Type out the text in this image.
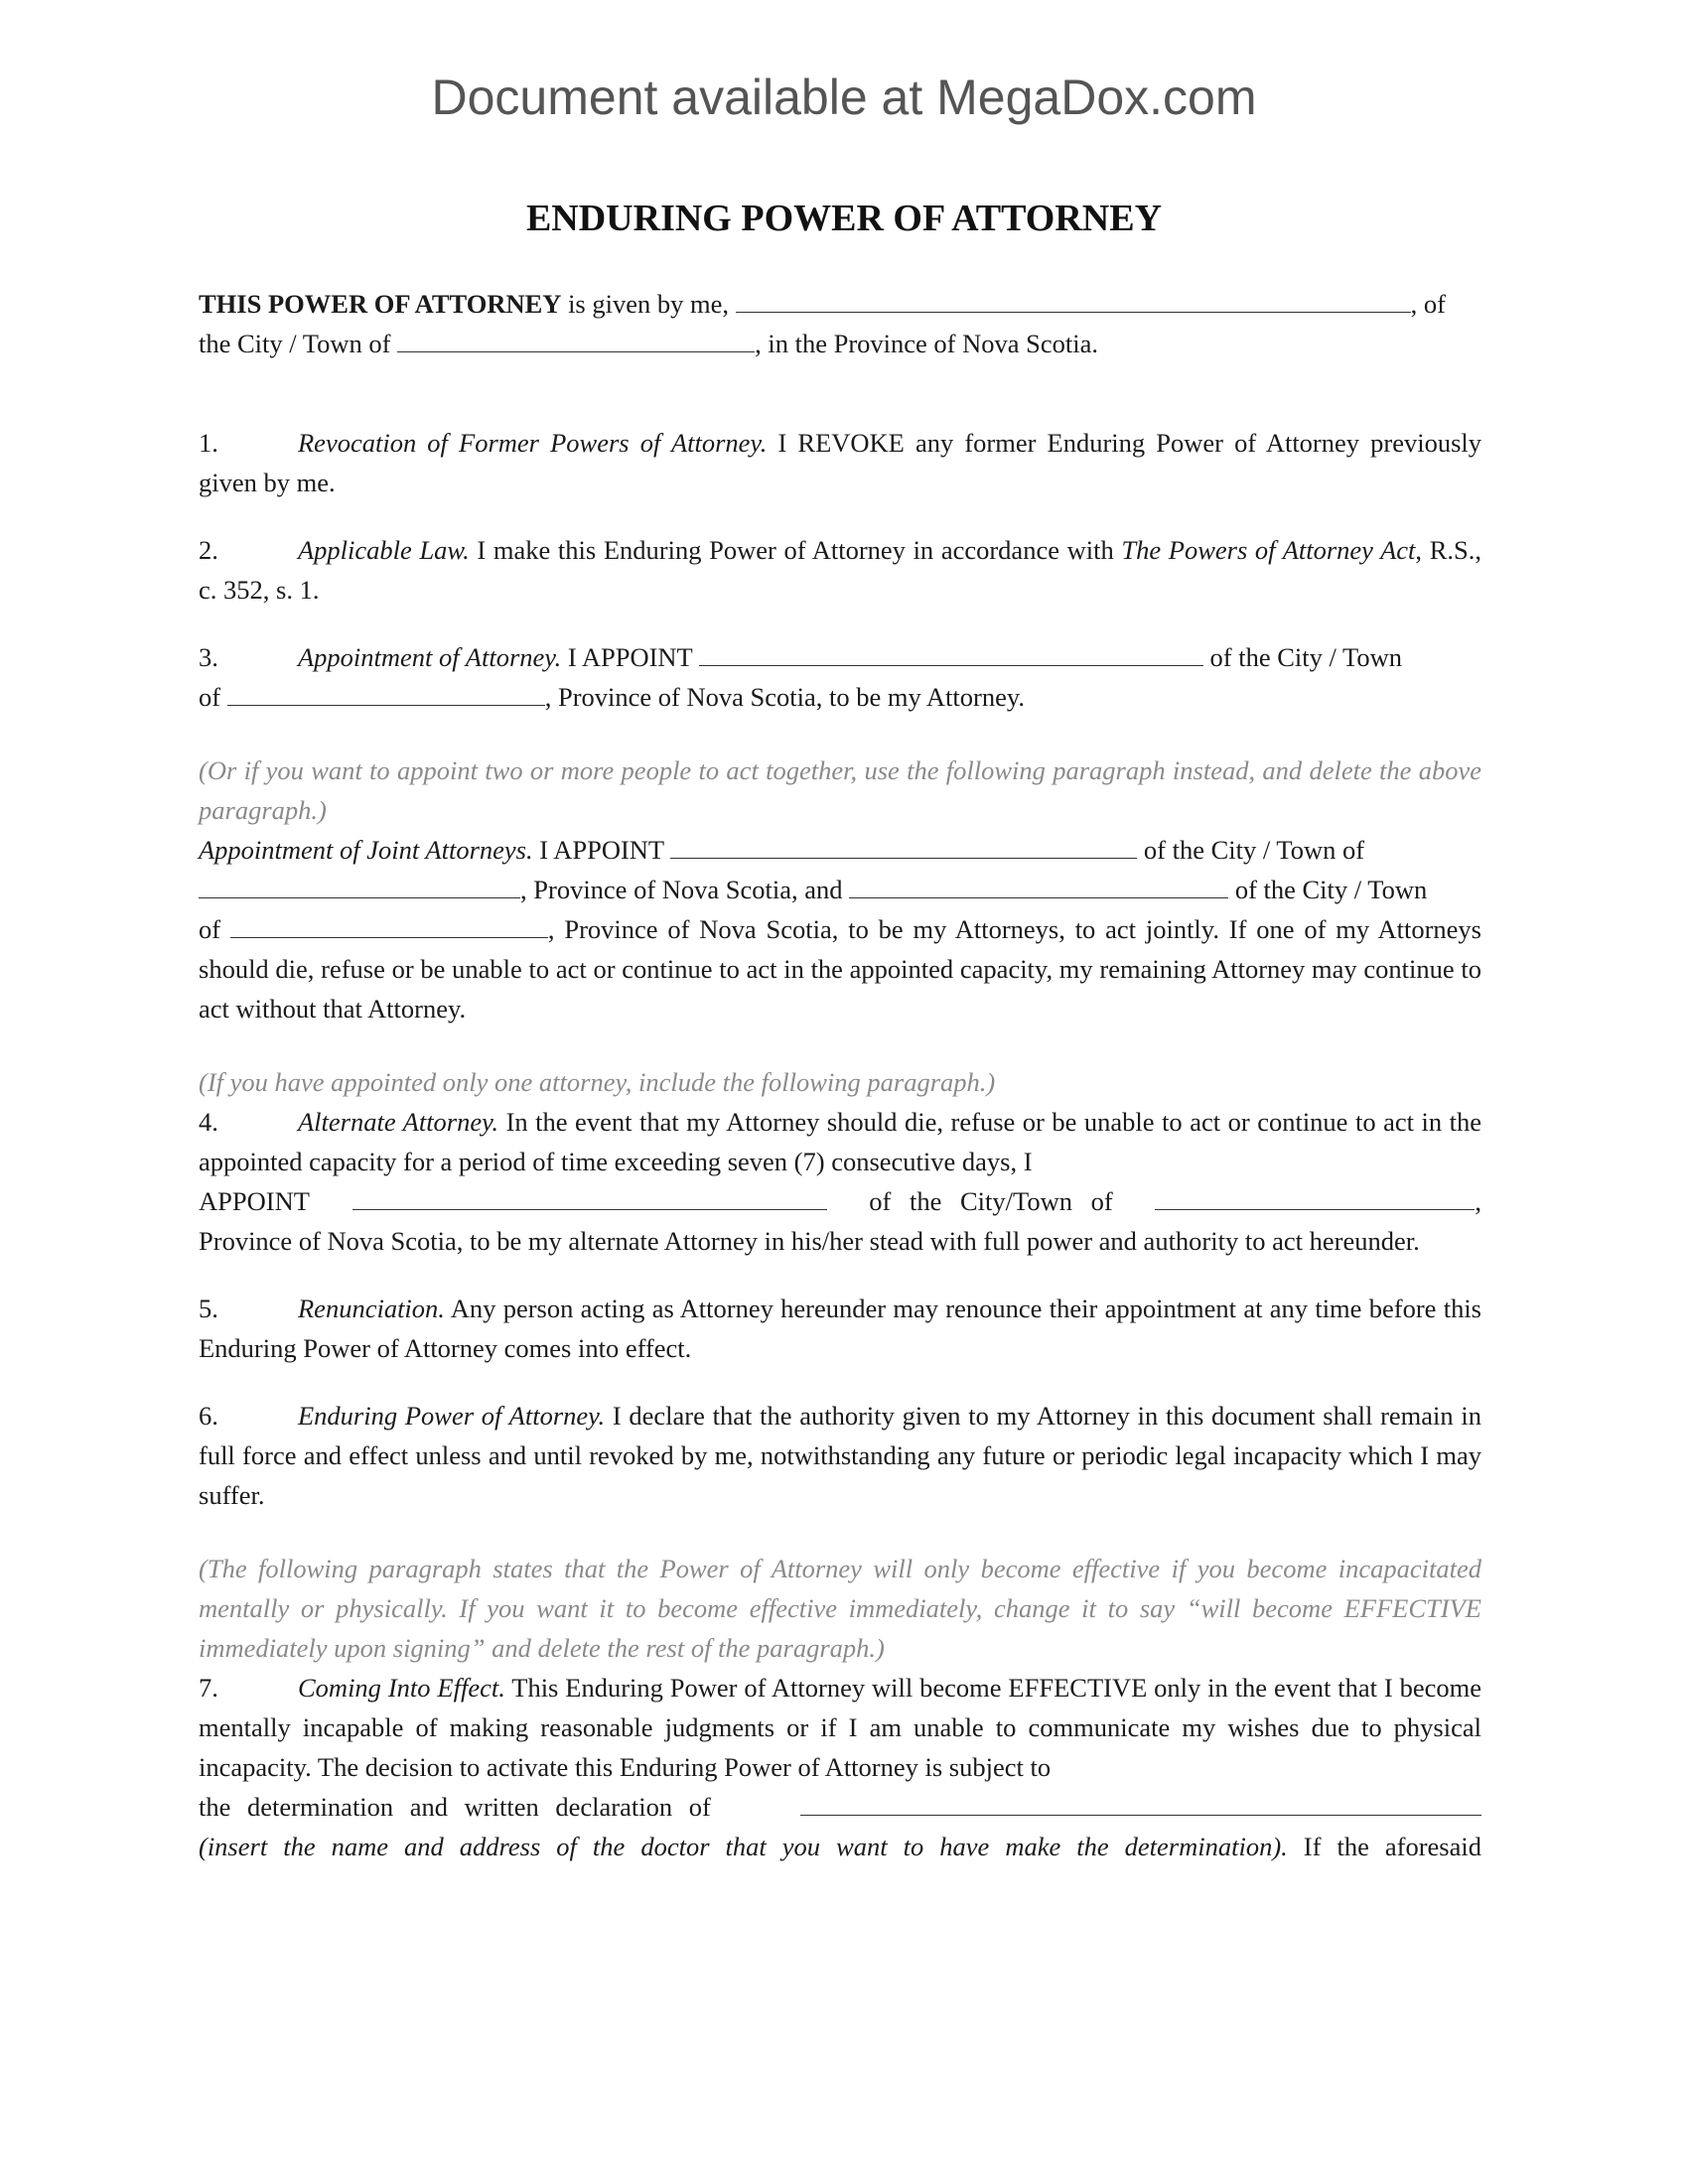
Document available at MegaDox.com
ENDURING POWER OF ATTORNEY

THIS POWER OF ATTORNEY is given by me,	, of
the City / Town of	, in the Province of Nova Scotia.

1.	Revocation of Former Powers of Attorney. I REVOKE any former Enduring Power of Attorney previously given by me.

2.	Applicable Law. I make this Enduring Power of Attorney in accordance with The Powers of Attorney Act, R.S., c. 352, s. 1.

3.	Appointment of Attorney. I APPOINT	of the City / Town
of	, Province of Nova Scotia, to be my Attorney.

(Or if you want to appoint two or more people to act together, use the following paragraph instead, and delete the above paragraph.)

Appointment of Joint Attorneys. I APPOINT	of the City / Town of
, Province of Nova Scotia, and	of the City / Town
of	, Province of Nova Scotia, to be my Attorneys, to act jointly. If one of my Attorneys should die, refuse or be unable to act or continue to act in the appointed capacity, my remaining Attorney may continue to act without that Attorney.

(If you have appointed only one attorney, include the following paragraph.)

4.	Alternate Attorney. In the event that my Attorney should die, refuse or be unable to act or continue to act in the appointed capacity for a period of time exceeding seven (7) consecutive days, I

APPOINT	of the City/Town of	,

Province of Nova Scotia, to be my alternate Attorney in his/her stead with full power and authority to act hereunder.

5.	Renunciation. Any person acting as Attorney hereunder may renounce their appointment at any time before this Enduring Power of Attorney comes into effect.

6.	Enduring Power of Attorney. I declare that the authority given to my Attorney in this document shall remain in full force and effect unless and until revoked by me, notwithstanding any future or periodic legal incapacity which I may suffer.

(The following paragraph states that the Power of Attorney will only become effective if you become incapacitated mentally or physically. If you want it to become effective immediately, change it to say “will become EFFECTIVE immediately upon signing” and delete the rest of the paragraph.)

7.	Coming Into Effect. This Enduring Power of Attorney will become EFFECTIVE only in the event that I become mentally incapable of making reasonable judgments or if I am unable to communicate my wishes due to physical incapacity. The decision to activate this Enduring Power of Attorney is subject to

the determination and written declaration of

(insert the name and address of the doctor that you want to have make the determination). If the aforesaid
